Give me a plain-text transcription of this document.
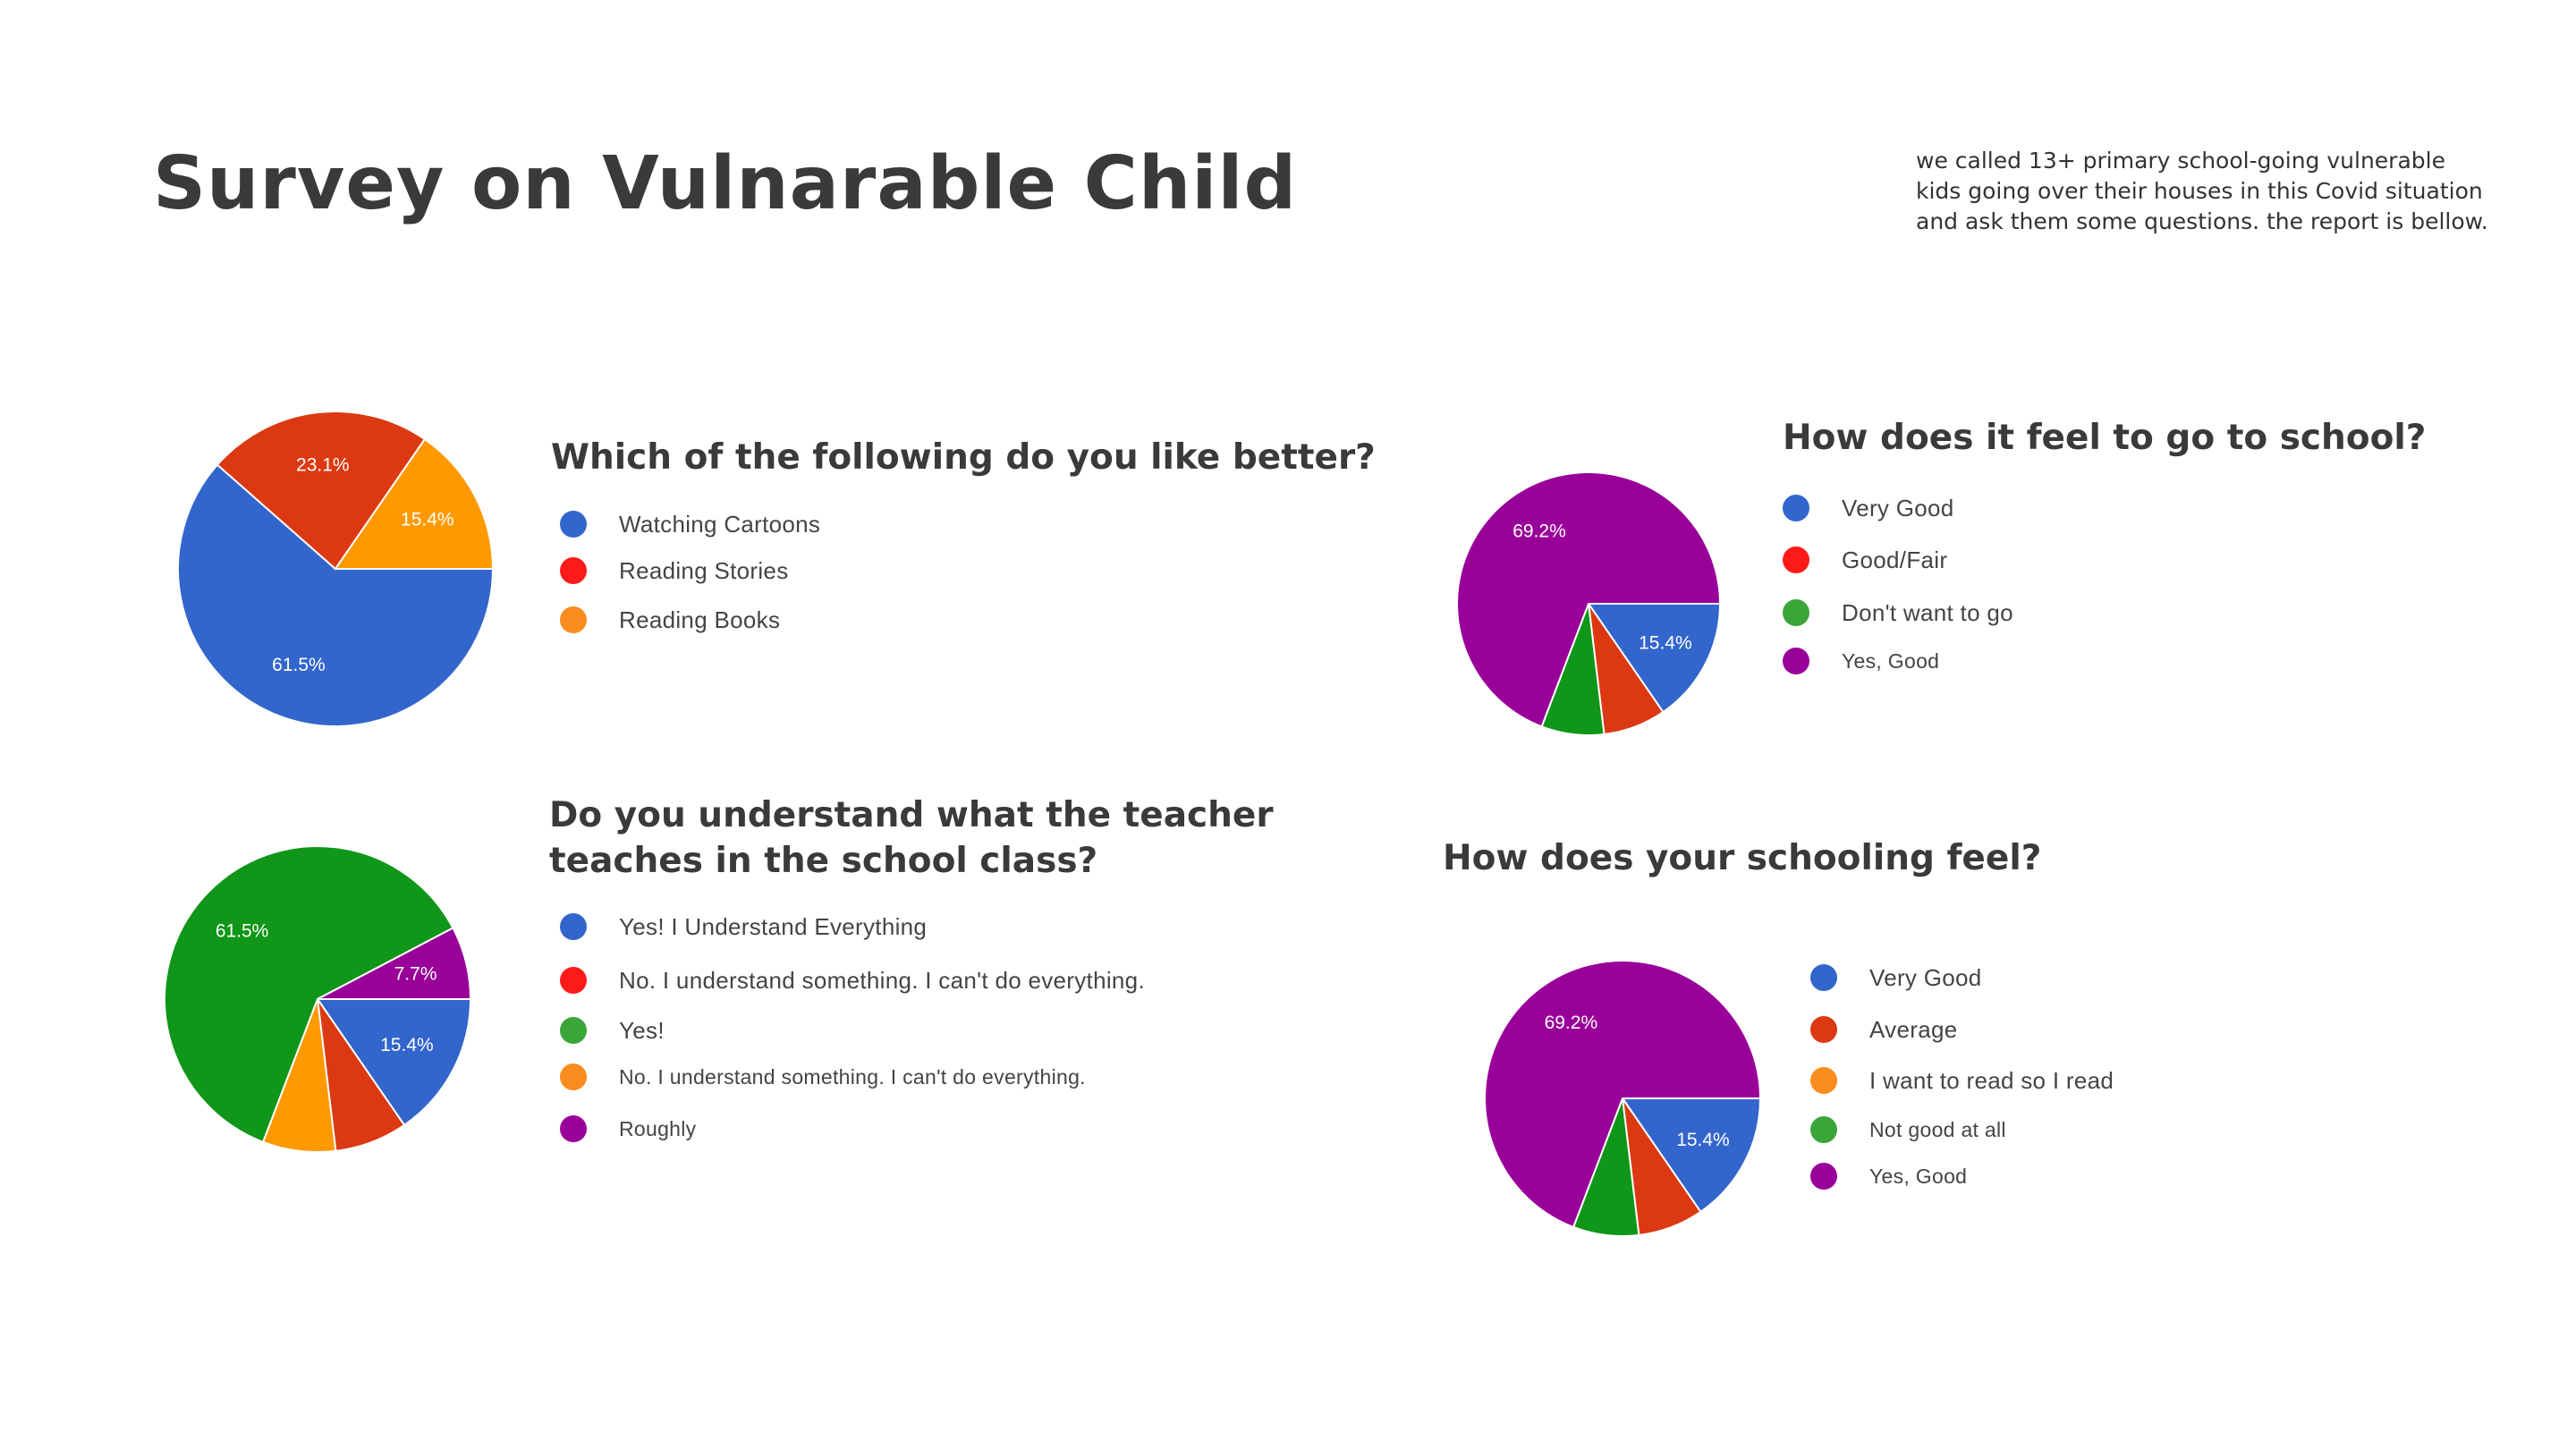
Survey on Vulnarable Child	we called 13+ primary school-going vulnerable
kids going over their houses in this Covid situation
and ask them some questions. the report is bellow.

61.5%
23.1%
15.4%
Which of the following do you like better?
Watching Cartoons
Reading Stories
Reading Books
15.4%
69.2%
How does it feel to go to school?
Very Good
Good/Fair
Don't want to go
Yes, Good
15.4%
61.5%
7.7%
Do you understand what the teacher
teaches in the school class?
Yes! I Understand Everything
No. I understand something. I can't do everything.
Yes!
No. I understand something. I can't do everything.
Roughly	15.4%
69.2%
How does your schooling feel?
Very Good
Average
I want to read so I read
Not good at all
Yes, Good
